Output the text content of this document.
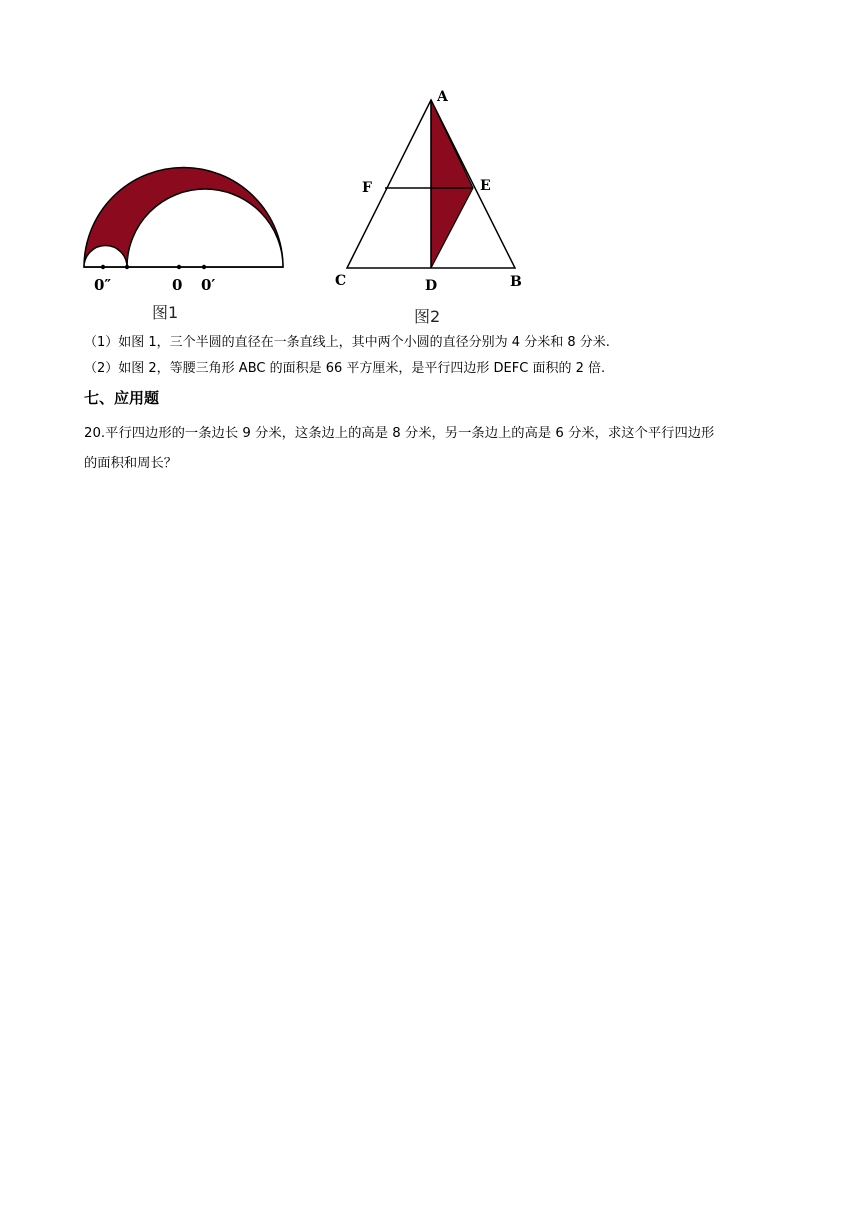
0″	0 0′
图1
A
F	E
C	D	B
图2
（1）如图 1，三个半圆的直径在一条直线上，其中两个小圆的直径分别为 4 分米和 8 分米.
（2）如图 2，等腰三角形 ABC 的面积是 66 平方厘米，是平行四边形 DEFC 面积的 2 倍.
七、应用题
20.平行四边形的一条边长 9 分米，这条边上的高是 8 分米，另一条边上的高是 6 分米，求这个平行四边形
的面积和周长？
